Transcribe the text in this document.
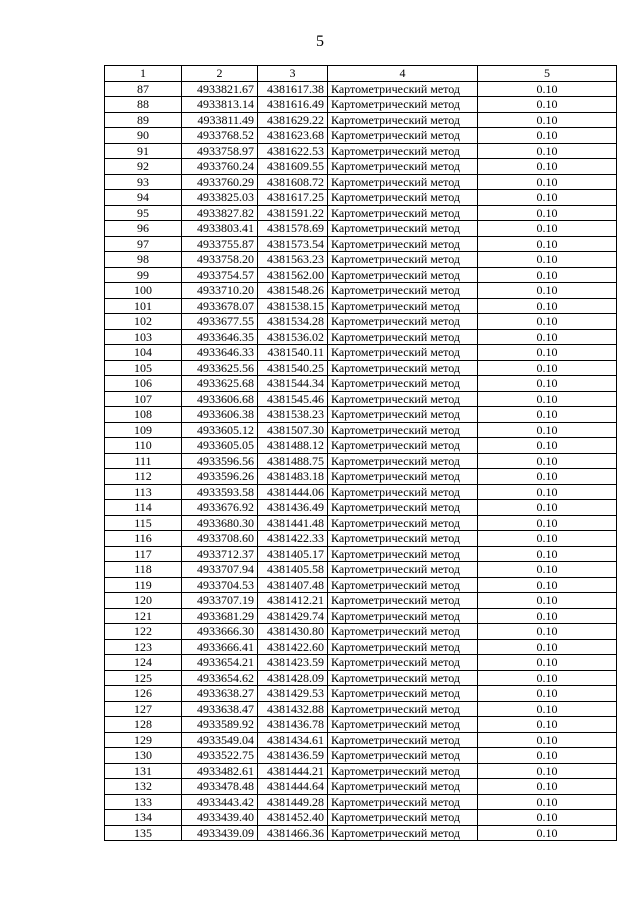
5
1	2	3	4	5
87	4933821.67	4381617.38	Картометрический метод	0.10
88	4933813.14	4381616.49	Картометрический метод	0.10
89	4933811.49	4381629.22	Картометрический метод	0.10
90	4933768.52	4381623.68	Картометрический метод	0.10
91	4933758.97	4381622.53	Картометрический метод	0.10
92	4933760.24	4381609.55	Картометрический метод	0.10
93	4933760.29	4381608.72	Картометрический метод	0.10
94	4933825.03	4381617.25	Картометрический метод	0.10
95	4933827.82	4381591.22	Картометрический метод	0.10
96	4933803.41	4381578.69	Картометрический метод	0.10
97	4933755.87	4381573.54	Картометрический метод	0.10
98	4933758.20	4381563.23	Картометрический метод	0.10
99	4933754.57	4381562.00	Картометрический метод	0.10
100	4933710.20	4381548.26	Картометрический метод	0.10
101	4933678.07	4381538.15	Картометрический метод	0.10
102	4933677.55	4381534.28	Картометрический метод	0.10
103	4933646.35	4381536.02	Картометрический метод	0.10
104	4933646.33	4381540.11	Картометрический метод	0.10
105	4933625.56	4381540.25	Картометрический метод	0.10
106	4933625.68	4381544.34	Картометрический метод	0.10
107	4933606.68	4381545.46	Картометрический метод	0.10
108	4933606.38	4381538.23	Картометрический метод	0.10
109	4933605.12	4381507.30	Картометрический метод	0.10
110	4933605.05	4381488.12	Картометрический метод	0.10
111	4933596.56	4381488.75	Картометрический метод	0.10
112	4933596.26	4381483.18	Картометрический метод	0.10
113	4933593.58	4381444.06	Картометрический метод	0.10
114	4933676.92	4381436.49	Картометрический метод	0.10
115	4933680.30	4381441.48	Картометрический метод	0.10
116	4933708.60	4381422.33	Картометрический метод	0.10
117	4933712.37	4381405.17	Картометрический метод	0.10
118	4933707.94	4381405.58	Картометрический метод	0.10
119	4933704.53	4381407.48	Картометрический метод	0.10
120	4933707.19	4381412.21	Картометрический метод	0.10
121	4933681.29	4381429.74	Картометрический метод	0.10
122	4933666.30	4381430.80	Картометрический метод	0.10
123	4933666.41	4381422.60	Картометрический метод	0.10
124	4933654.21	4381423.59	Картометрический метод	0.10
125	4933654.62	4381428.09	Картометрический метод	0.10
126	4933638.27	4381429.53	Картометрический метод	0.10
127	4933638.47	4381432.88	Картометрический метод	0.10
128	4933589.92	4381436.78	Картометрический метод	0.10
129	4933549.04	4381434.61	Картометрический метод	0.10
130	4933522.75	4381436.59	Картометрический метод	0.10
131	4933482.61	4381444.21	Картометрический метод	0.10
132	4933478.48	4381444.64	Картометрический метод	0.10
133	4933443.42	4381449.28	Картометрический метод	0.10
134	4933439.40	4381452.40	Картометрический метод	0.10
135	4933439.09	4381466.36	Картометрический метод	0.10
